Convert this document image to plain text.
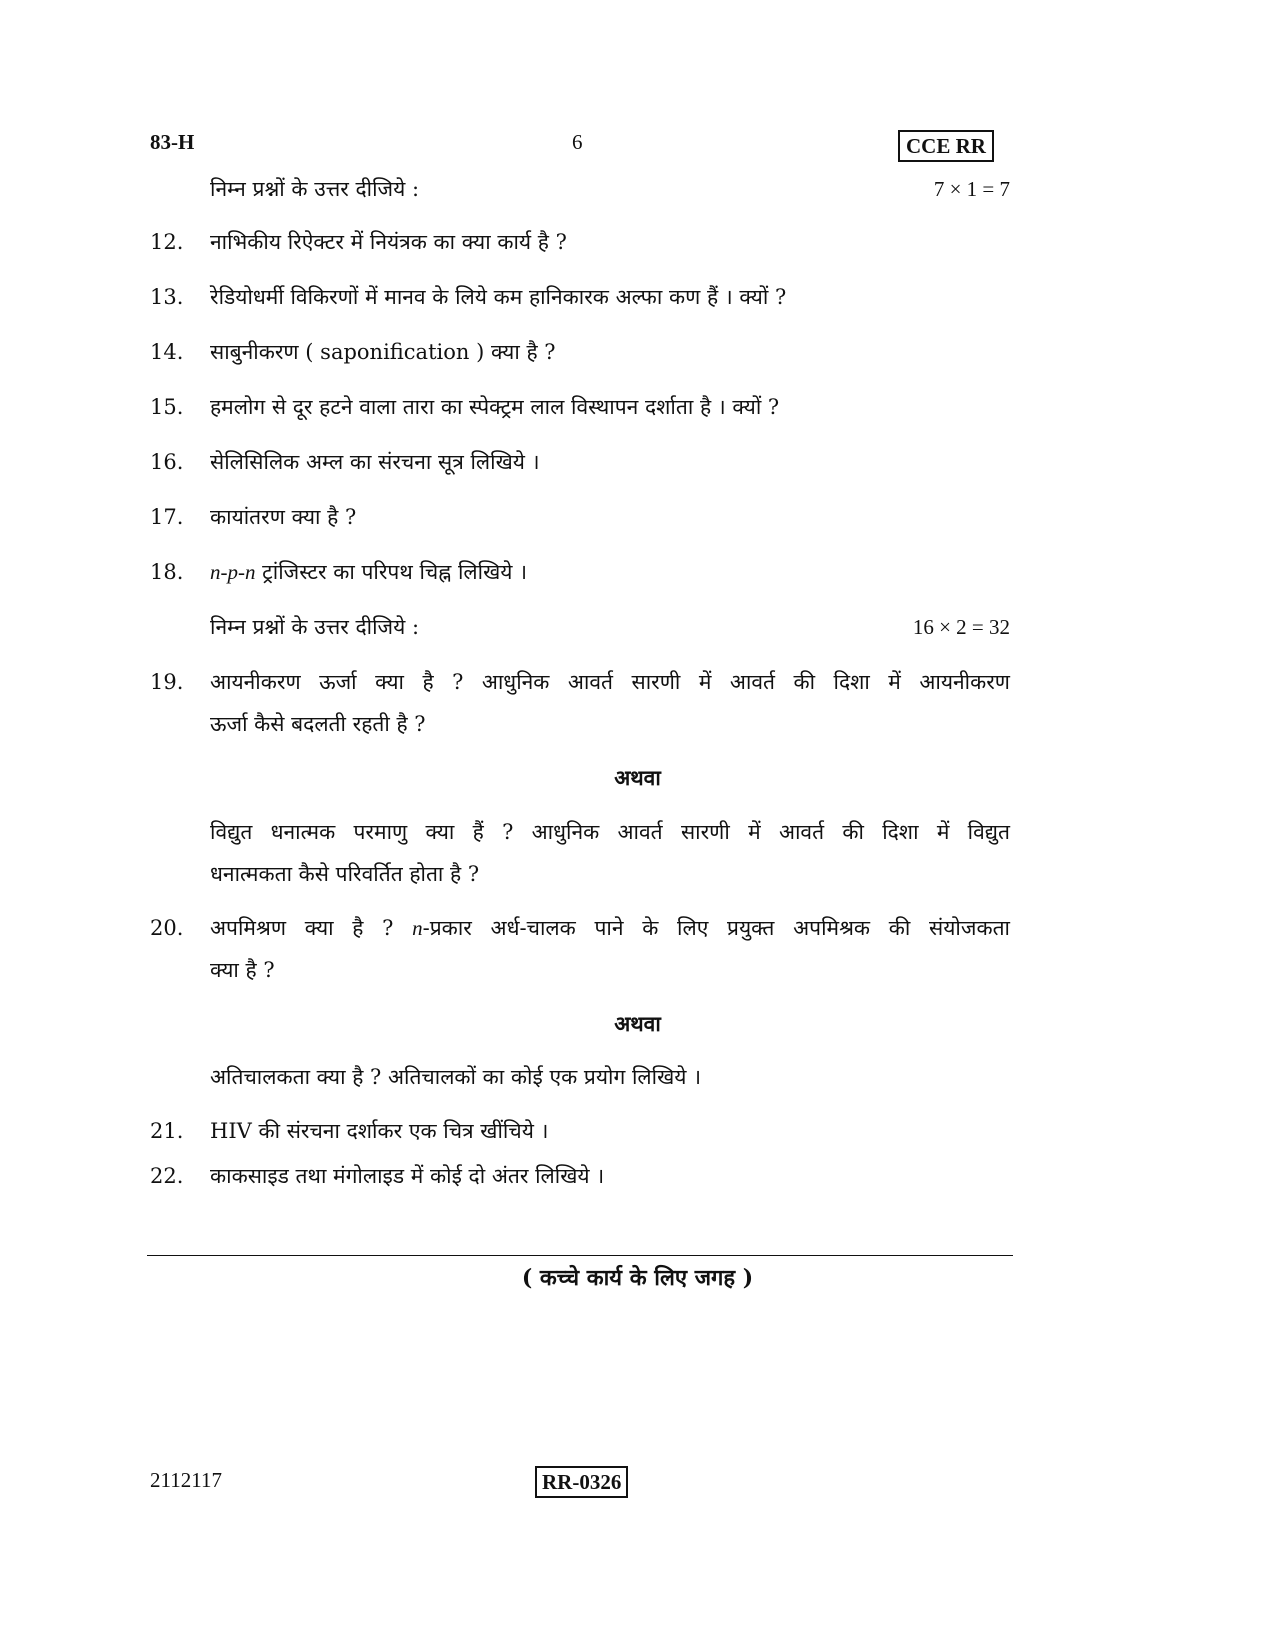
83-H	6	CCE RR
निम्न प्रश्नों के उत्तर दीजिये :	7 × 1 = 7
12.	नाभिकीय रिऐक्टर में नियंत्रक का क्या कार्य है ?
13.	रेडियोधर्मी विकिरणों में मानव के लिये कम हानिकारक अल्फा कण हैं । क्यों ?
14.	साबुनीकरण ( saponification ) क्या है ?
15.	हमलोग से दूर हटने वाला तारा का स्पेक्ट्रम लाल विस्थापन दर्शाता है । क्यों ?
16.	सेलिसिलिक अम्ल का संरचना सूत्र लिखिये ।
17.	कायांतरण क्या है ?
18.	n-p-n ट्रांजिस्टर का परिपथ चिह्न लिखिये ।
निम्न प्रश्नों के उत्तर दीजिये :	16 × 2 = 32
19.	आयनीकरण ऊर्जा क्या है ? आधुनिक आवर्त सारणी में आवर्त की दिशा में आयनीकरण
ऊर्जा कैसे बदलती रहती है ?
अथवा
विद्युत धनात्मक परमाणु क्या हैं ? आधुनिक आवर्त सारणी में आवर्त की दिशा में विद्युत
धनात्मकता कैसे परिवर्तित होता है ?
20.	अपमिश्रण क्या है ? n-प्रकार अर्ध-चालक पाने के लिए प्रयुक्त अपमिश्रक की संयोजकता
क्या है ?
अथवा
अतिचालकता क्या है ? अतिचालकों का कोई एक प्रयोग लिखिये ।
21.	HIV की संरचना दर्शाकर एक चित्र खींचिये ।
22.	काकसाइड तथा मंगोलाइड में कोई दो अंतर लिखिये ।
( कच्चे कार्य के लिए जगह )
2112117	RR-0326
